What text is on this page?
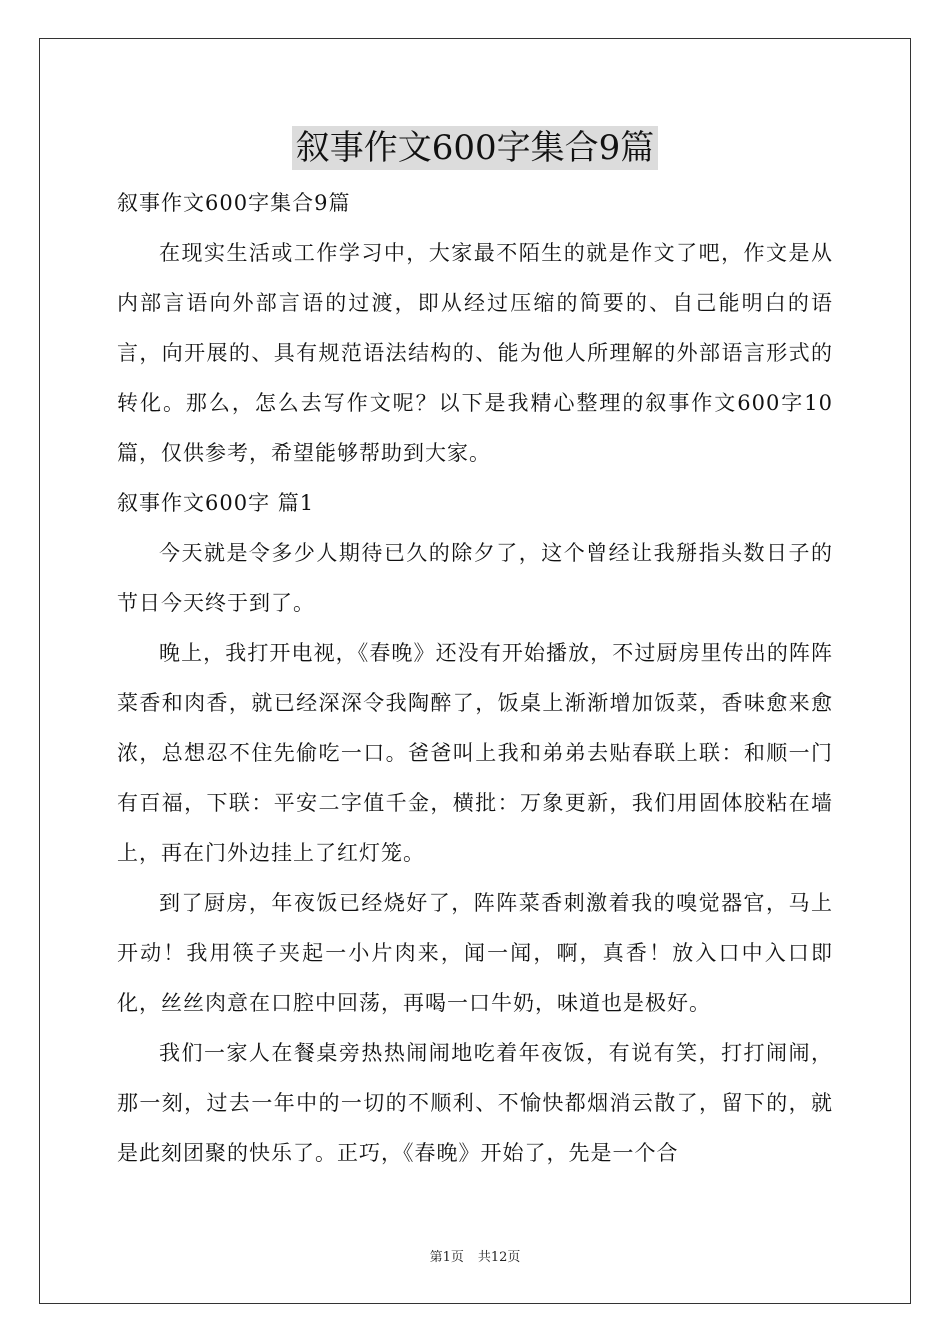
叙事作文600字集合9篇

叙事作文600字集合9篇

在现实生活或工作学习中，大家最不陌生的就是作文了吧，作文是从内部言语向外部言语的过渡，即从经过压缩的简要的、自己能明白的语言，向开展的、具有规范语法结构的、能为他人所理解的外部语言形式的转化。那么，怎么去写作文呢？以下是我精心整理的叙事作文600字10篇，仅供参考，希望能够帮助到大家。

叙事作文600字 篇1

今天就是令多少人期待已久的除夕了，这个曾经让我掰指头数日子的节日今天终于到了。

晚上，我打开电视，《春晚》还没有开始播放，不过厨房里传出的阵阵菜香和肉香，就已经深深令我陶醉了，饭桌上渐渐增加饭菜，香味愈来愈浓，总想忍不住先偷吃一口。爸爸叫上我和弟弟去贴春联上联：和顺一门有百福，下联：平安二字值千金，横批：万象更新，我们用固体胶粘在墙上，再在门外边挂上了红灯笼。

到了厨房，年夜饭已经烧好了，阵阵菜香刺激着我的嗅觉器官，马上开动！我用筷子夹起一小片肉来，闻一闻，啊，真香！放入口中入口即化，丝丝肉意在口腔中回荡，再喝一口牛奶，味道也是极好。

我们一家人在餐桌旁热热闹闹地吃着年夜饭，有说有笑，打打闹闹，那一刻，过去一年中的一切的不顺利、不愉快都烟消云散了，留下的，就是此刻团聚的快乐了。正巧，《春晚》开始了，先是一个合

第1页 共12页
